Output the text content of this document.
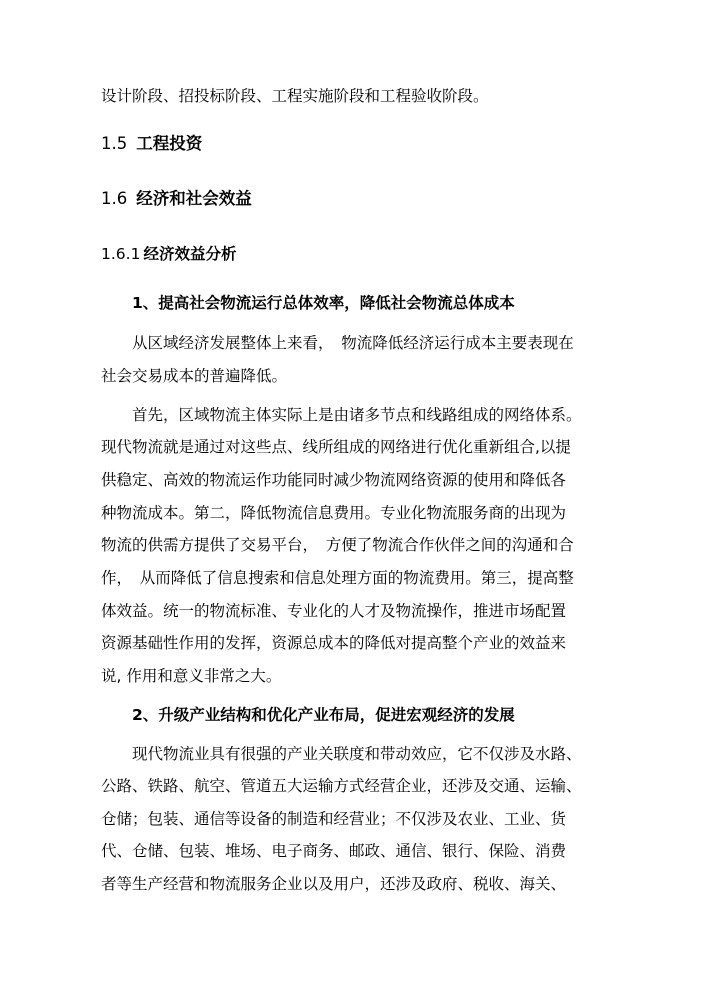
设计阶段、招投标阶段、工程实施阶段和工程验收阶段。
1.5 工程投资
1.6 经济和社会效益
1.6.1 经济效益分析
1、提高社会物流运行总体效率，降低社会物流总体成本
从区域经济发展整体上来看，　物流降低经济运行成本主要表现在
社会交易成本的普遍降低。
首先，区域物流主体实际上是由诸多节点和线路组成的网络体系。
现代物流就是通过对这些点、线所组成的网络进行优化重新组合,以提
供稳定、高效的物流运作功能同时减少物流网络资源的使用和降低各
种物流成本。第二，降低物流信息费用。专业化物流服务商的出现为
物流的供需方提供了交易平台，　方便了物流合作伙伴之间的沟通和合
作，　从而降低了信息搜索和信息处理方面的物流费用。第三，提高整
体效益。统一的物流标准、专业化的人才及物流操作，推进市场配置
资源基础性作用的发挥，资源总成本的降低对提高整个产业的效益来
说, 作用和意义非常之大。
2、升级产业结构和优化产业布局，促进宏观经济的发展
现代物流业具有很强的产业关联度和带动效应，它不仅涉及水路、
公路、铁路、航空、管道五大运输方式经营企业，还涉及交通、运输、
仓储；包装、通信等设备的制造和经营业；不仅涉及农业、工业、货
代、仓储、包装、堆场、电子商务、邮政、通信、银行、保险、消费
者等生产经营和物流服务企业以及用户，还涉及政府、税收、海关、
